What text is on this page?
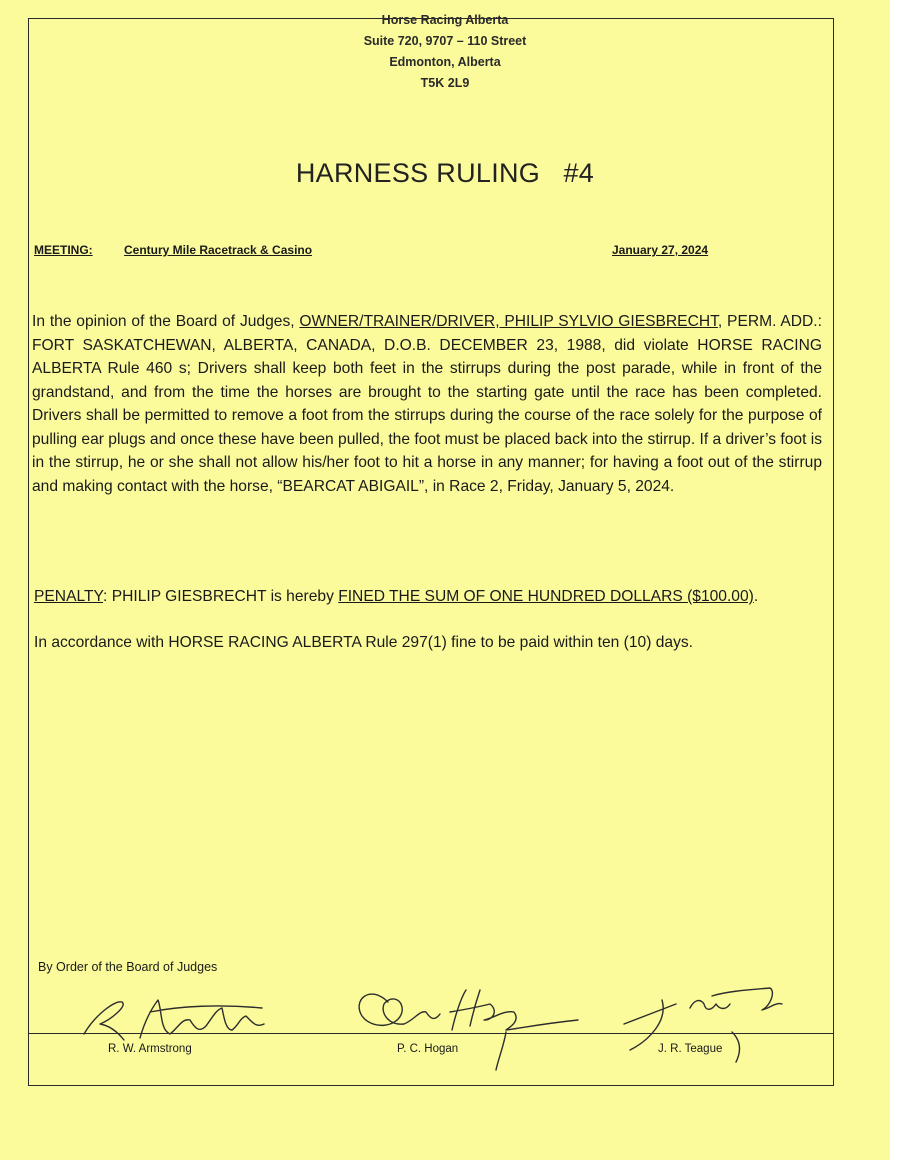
Horse Racing Alberta
Suite 720, 9707 – 110 Street
Edmonton, Alberta
T5K 2L9
HARNESS RULING   #4
MEETING:	Century Mile Racetrack & Casino	January 27, 2024
In the opinion of the Board of Judges, OWNER/TRAINER/DRIVER, PHILIP SYLVIO GIESBRECHT, PERM. ADD.: FORT SASKATCHEWAN, ALBERTA, CANADA, D.O.B. DECEMBER 23, 1988, did violate HORSE RACING ALBERTA Rule 460 s; Drivers shall keep both feet in the stirrups during the post parade, while in front of the grandstand, and from the time the horses are brought to the starting gate until the race has been completed. Drivers shall be permitted to remove a foot from the stirrups during the course of the race solely for the purpose of pulling ear plugs and once these have been pulled, the foot must be placed back into the stirrup. If a driver’s foot is in the stirrup, he or she shall not allow his/her foot to hit a horse in any manner; for having a foot out of the stirrup and making contact with the horse, “BEARCAT ABIGAIL”, in Race 2, Friday, January 5, 2024.
PENALTY: PHILIP GIESBRECHT is hereby FINED THE SUM OF ONE HUNDRED DOLLARS ($100.00).
In accordance with HORSE RACING ALBERTA Rule 297(1) fine to be paid within ten (10) days.
By Order of the Board of Judges
R. W. Armstrong	P. C. Hogan	J. R. Teague
